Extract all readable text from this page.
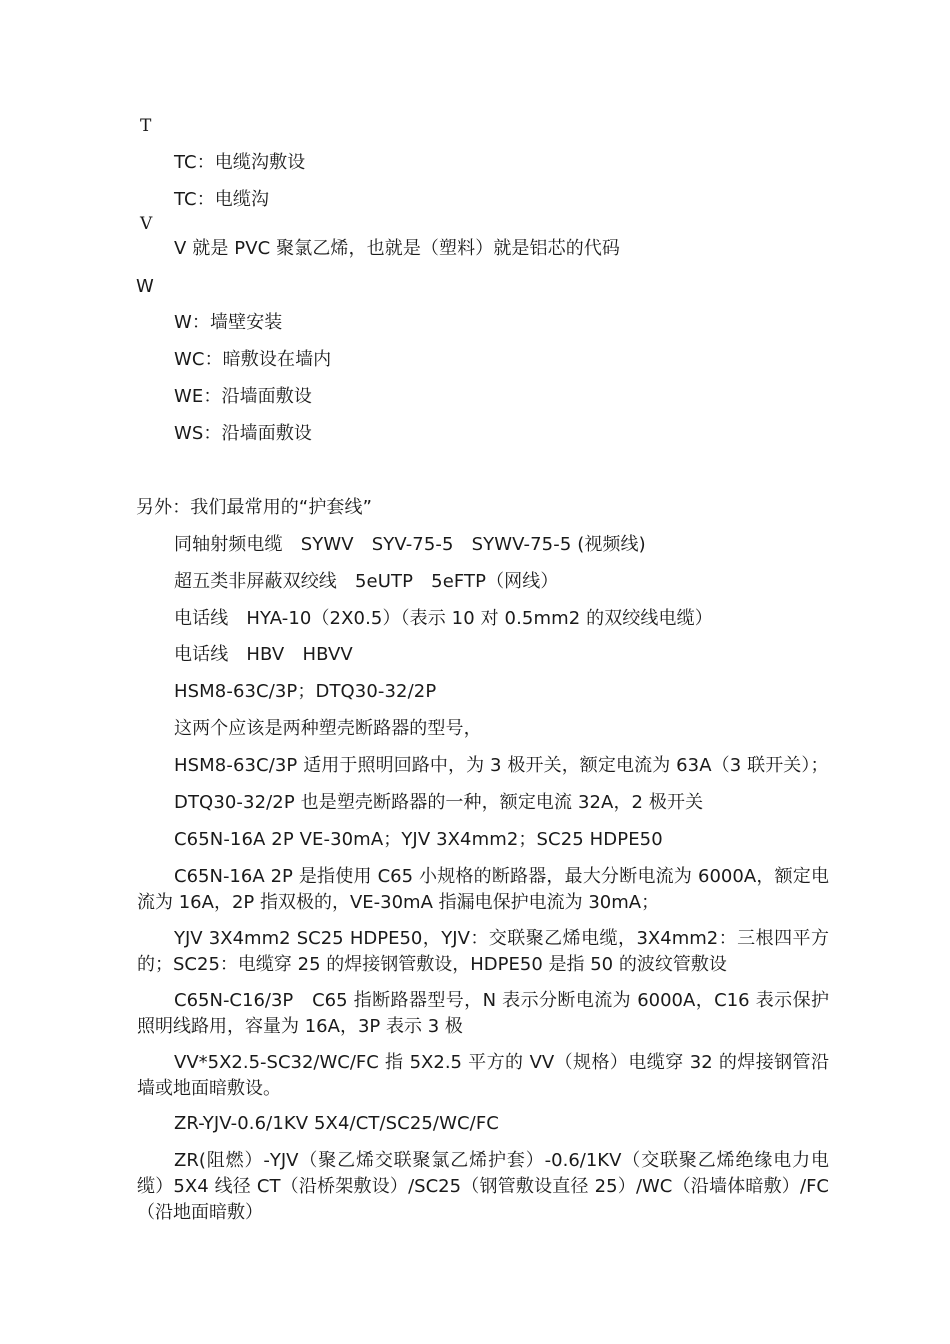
T
TC：电缆沟敷设
TC：电缆沟
V
V 就是 PVC 聚氯乙烯，也就是（塑料）就是铝芯的代码
W
W：墙壁安装
WC：暗敷设在墙内
WE：沿墙面敷设
WS：沿墙面敷设
另外：我们最常用的“护套线”
同轴射频电缆　SYWV　SYV-75-5　SYWV-75-5 (视频线)
超五类非屏蔽双绞线　5eUTP　5eFTP（网线）
电话线　HYA-10（2X0.5）（表示 10 对 0.5mm2 的双绞线电缆）
电话线　HBV　HBVV
HSM8-63C/3P；DTQ30-32/2P
这两个应该是两种塑壳断路器的型号，
HSM8-63C/3P 适用于照明回路中，为 3 极开关，额定电流为 63A（3 联开关）；
DTQ30-32/2P 也是塑壳断路器的一种，额定电流 32A，2 极开关
C65N-16A 2P VE-30mA；YJV 3X4mm2；SC25 HDPE50
C65N-16A 2P 是指使用 C65 小规格的断路器，最大分断电流为 6000A，额定电流为 16A，2P 指双极的，VE-30mA 指漏电保护电流为 30mA；
YJV 3X4mm2 SC25 HDPE50，YJV：交联聚乙烯电缆，3X4mm2：三根四平方的；SC25：电缆穿 25 的焊接钢管敷设，HDPE50 是指 50 的波纹管敷设
C65N-C16/3P　C65 指断路器型号，N 表示分断电流为 6000A，C16 表示保护照明线路用，容量为 16A，3P 表示 3 极
VV*5X2.5-SC32/WC/FC 指 5X2.5 平方的 VV（规格）电缆穿 32 的焊接钢管沿墙或地面暗敷设。
ZR-YJV-0.6/1KV 5X4/CT/SC25/WC/FC
ZR(阻燃）-YJV（聚乙烯交联聚氯乙烯护套）-0.6/1KV（交联聚乙烯绝缘电力电缆）5X4 线径 CT（沿桥架敷设）/SC25（钢管敷设直径 25）/WC（沿墙体暗敷）/FC（沿地面暗敷）
